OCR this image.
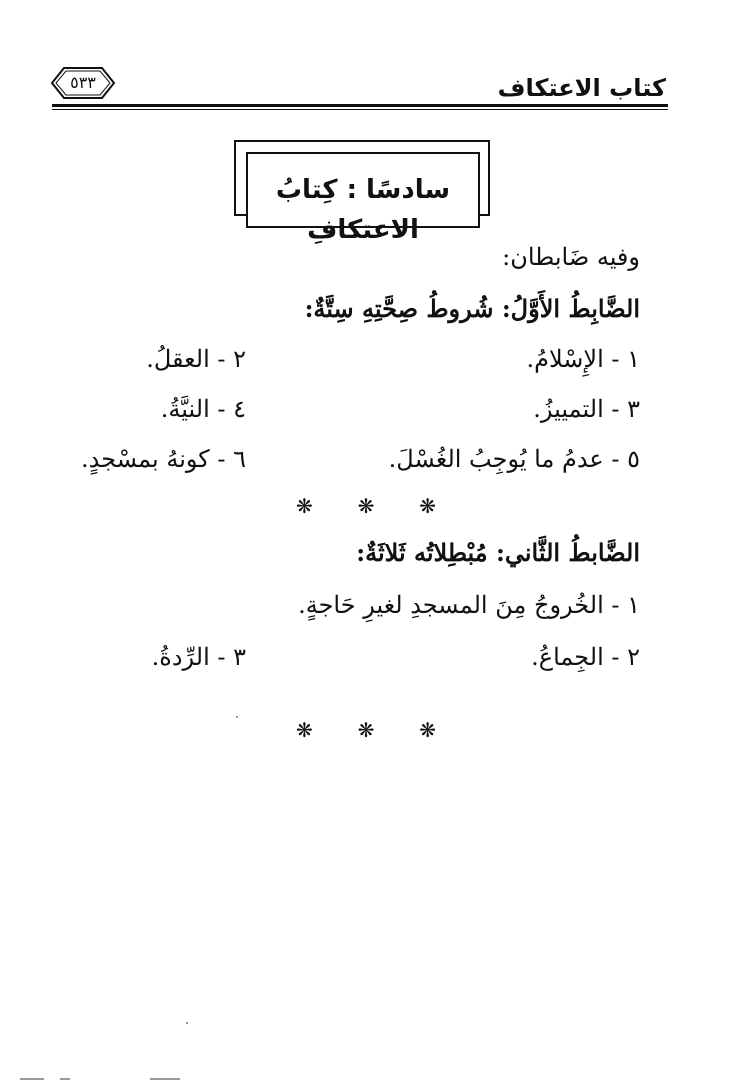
كتاب الاعتكاف
٥٣٣
سادسًا : كِتابُ الاعتكافِ
وفيه ضَابطان:
الضَّابِطُ الأَوَّلُ: شُروطُ صِحَّتِهِ سِتَّةٌ:
١ - الإِسْلامُ.
٢ - العقلُ.
٣ - التمييزُ.
٤ - النيَّةُ.
٥ - عدمُ ما يُوجِبُ الغُسْلَ.
٦ - كونهُ بمسْجدٍ.
❋ ❋ ❋
الضَّابطُ الثَّاني: مُبْطِلاتُه ثَلاثَةٌ:
١ - الخُروجُ مِنَ المسجدِ لغيرِ حَاجةٍ.
٢ - الجِماعُ.
٣ - الرِّدةُ.
❋ ❋ ❋
